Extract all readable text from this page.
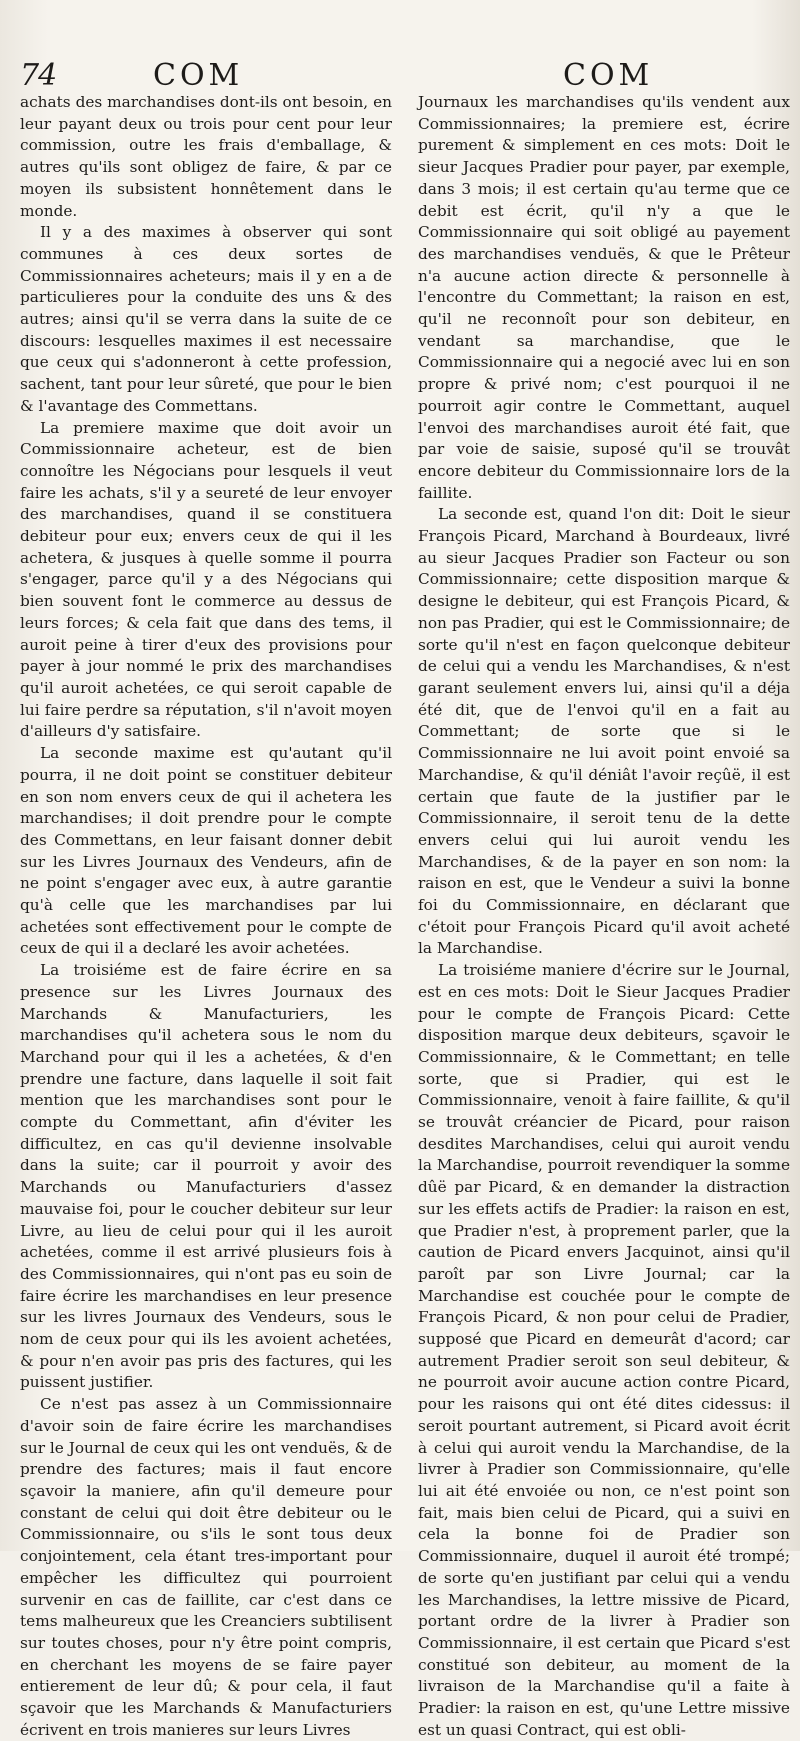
74	COM	COM

achats des marchandises dont-ils ont besoin, en leur payant deux ou trois pour cent pour leur commission, outre les frais d'emballage, & autres qu'ils sont obligez de faire, & par ce moyen ils subsistent honnêtement dans le monde.

Il y a des maximes à observer qui sont communes à ces deux sortes de Commissionnaires acheteurs; mais il y en a de particulieres pour la conduite des uns & des autres; ainsi qu'il se verra dans la suite de ce discours: lesquelles maximes il est necessaire que ceux qui s'adonneront à cette profession, sachent, tant pour leur sûreté, que pour le bien & l'avantage des Commettans.

La premiere maxime que doit avoir un Commissionnaire acheteur, est de bien connoître les Négocians pour lesquels il veut faire les achats, s'il y a seureté de leur envoyer des marchandises, quand il se constituera debiteur pour eux; envers ceux de qui il les achetera, & jusques à quelle somme il pourra s'engager, parce qu'il y a des Négocians qui bien souvent font le commerce au dessus de leurs forces; & cela fait que dans des tems, il auroit peine à tirer d'eux des provisions pour payer à jour nommé le prix des marchandises qu'il auroit achetées, ce qui seroit capable de lui faire perdre sa réputation, s'il n'avoit moyen d'ailleurs d'y satisfaire.

La seconde maxime est qu'autant qu'il pourra, il ne doit point se constituer debiteur en son nom envers ceux de qui il achetera les marchandises; il doit prendre pour le compte des Commettans, en leur faisant donner debit sur les Livres Journaux des Vendeurs, afin de ne point s'engager avec eux, à autre garantie qu'à celle que les marchandises par lui achetées sont effectivement pour le compte de ceux de qui il a declaré les avoir achetées.

La troisiéme est de faire écrire en sa presence sur les Livres Journaux des Marchands & Manufacturiers, les marchandises qu'il achetera sous le nom du Marchand pour qui il les a achetées, & d'en prendre une facture, dans laquelle il soit fait mention que les marchandises sont pour le compte du Commettant, afin d'éviter les difficultez, en cas qu'il devienne insolvable dans la suite; car il pourroit y avoir des Marchands ou Manufacturiers d'assez mauvaise foi, pour le coucher debiteur sur leur Livre, au lieu de celui pour qui il les auroit achetées, comme il est arrivé plusieurs fois à des Commissionnaires, qui n'ont pas eu soin de faire écrire les marchandises en leur presence sur les livres Journaux des Vendeurs, sous le nom de ceux pour qui ils les avoient achetées, & pour n'en avoir pas pris des factures, qui les puissent justifier.

Ce n'est pas assez à un Commissionnaire d'avoir soin de faire écrire les marchandises sur le Journal de ceux qui les ont venduës, & de prendre des factures; mais il faut encore sçavoir la maniere, afin qu'il demeure pour constant de celui qui doit être debiteur ou le Commissionnaire, ou s'ils le sont tous deux conjointement, cela étant tres-important pour empêcher les difficultez qui pourroient survenir en cas de faillite, car c'est dans ce tems malheureux que les Creanciers subtilisent sur toutes choses, pour n'y être point compris, en cherchant les moyens de se faire payer entierement de leur dû; & pour cela, il faut sçavoir que les Marchands & Manufacturiers écrivent en trois manieres sur leurs Livres

Journaux les marchandises qu'ils vendent aux Commissionnaires; la premiere est, écrire purement & simplement en ces mots: Doit le sieur Jacques Pradier pour payer, par exemple, dans 3 mois; il est certain qu'au terme que ce debit est écrit, qu'il n'y a que le Commissionnaire qui soit obligé au payement des marchandises venduës, & que le Prêteur n'a aucune action directe & personnelle à l'encontre du Commettant; la raison en est, qu'il ne reconnoît pour son debiteur, en vendant sa marchandise, que le Commissionnaire qui a negocié avec lui en son propre & privé nom; c'est pourquoi il ne pourroit agir contre le Commettant, auquel l'envoi des marchandises auroit été fait, que par voie de saisie, suposé qu'il se trouvât encore debiteur du Commissionnaire lors de la faillite.

La seconde est, quand l'on dit: Doit le sieur François Picard, Marchand à Bourdeaux, livré au sieur Jacques Pradier son Facteur ou son Commissionnaire; cette disposition marque & designe le debiteur, qui est François Picard, & non pas Pradier, qui est le Commissionnaire; de sorte qu'il n'est en façon quelconque debiteur de celui qui a vendu les Marchandises, & n'est garant seulement envers lui, ainsi qu'il a déja été dit, que de l'envoi qu'il en a fait au Commettant; de sorte que si le Commissionnaire ne lui avoit point envoié sa Marchandise, & qu'il déniât l'avoir reçûë, il est certain que faute de la justifier par le Commissionnaire, il seroit tenu de la dette envers celui qui lui auroit vendu les Marchandises, & de la payer en son nom: la raison en est, que le Vendeur a suivi la bonne foi du Commissionnaire, en déclarant que c'étoit pour François Picard qu'il avoit acheté la Marchandise.

La troisiéme maniere d'écrire sur le Journal, est en ces mots: Doit le Sieur Jacques Pradier pour le compte de François Picard: Cette disposition marque deux debiteurs, sçavoir le Commissionnaire, & le Commettant; en telle sorte, que si Pradier, qui est le Commissionnaire, venoit à faire faillite, & qu'il se trouvât créancier de Picard, pour raison desdites Marchandises, celui qui auroit vendu la Marchandise, pourroit revendiquer la somme dûë par Picard, & en demander la distraction sur les effets actifs de Pradier: la raison en est, que Pradier n'est, à proprement parler, que la caution de Picard envers Jacquinot, ainsi qu'il paroît par son Livre Journal; car la Marchandise est couchée pour le compte de François Picard, & non pour celui de Pradier, supposé que Picard en demeurât d'acord; car autrement Pradier seroit son seul debiteur, & ne pourroit avoir aucune action contre Picard, pour les raisons qui ont été dites cidessus: il seroit pourtant autrement, si Picard avoit écrit à celui qui auroit vendu la Marchandise, de la livrer à Pradier son Commissionnaire, qu'elle lui ait été envoiée ou non, ce n'est point son fait, mais bien celui de Picard, qui a suivi en cela la bonne foi de Pradier son Commissionnaire, duquel il auroit été trompé; de sorte qu'en justifiant par celui qui a vendu les Marchandises, la lettre missive de Picard, portant ordre de la livrer à Pradier son Commissionnaire, il est certain que Picard s'est constitué son debiteur, au moment de la livraison de la Marchandise qu'il a faite à Pradier: la raison en est, qu'une Lettre missive est un quasi Contract, qui est obli-
